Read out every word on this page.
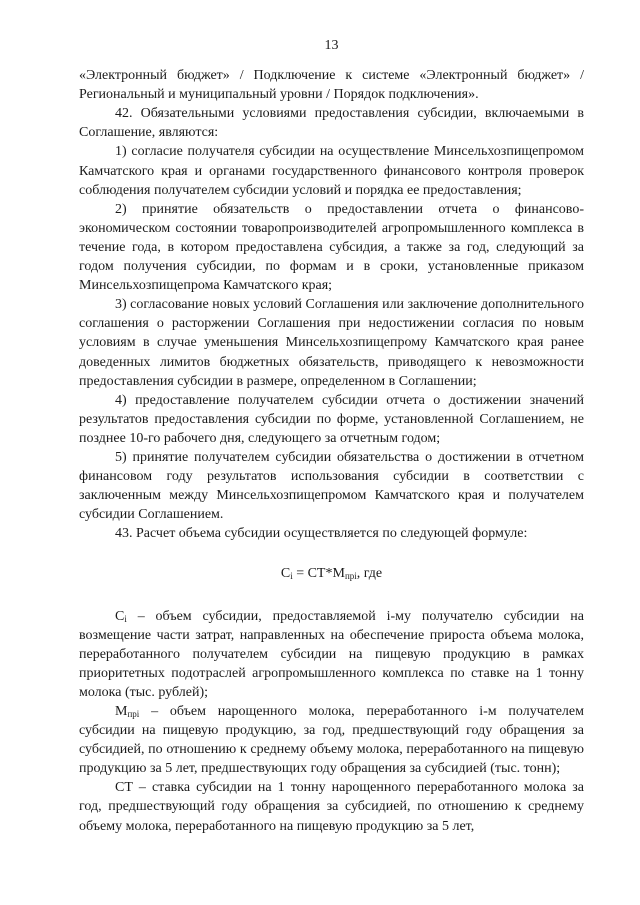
13

«Электронный бюджет» / Подключение к системе «Электронный бюджет» / Региональный и муниципальный уровни / Порядок подключения».

42. Обязательными условиями предоставления субсидии, включаемыми в Соглашение, являются:

1) согласие получателя субсидии на осуществление Минсельхозпищепромом Камчатского края и органами государственного финансового контроля проверок соблюдения получателем субсидии условий и порядка ее предоставления;

2) принятие обязательств о предоставлении отчета о финансово-экономическом состоянии товаропроизводителей агропромышленного комплекса в течение года, в котором предоставлена субсидия, а также за год, следующий за годом получения субсидии, по формам и в сроки, установленные приказом Минсельхозпищепрома Камчатского края;

3) согласование новых условий Соглашения или заключение дополнительного соглашения о расторжении Соглашения при недостижении согласия по новым условиям в случае уменьшения Минсельхозпищепрому Камчатского края ранее доведенных лимитов бюджетных обязательств, приводящего к невозможности предоставления субсидии в размере, определенном в Соглашении;

4) предоставление получателем субсидии отчета о достижении значений результатов предоставления субсидии по форме, установленной Соглашением, не позднее 10-го рабочего дня, следующего за отчетным годом;

5) принятие получателем субсидии обязательства о достижении в отчетном финансовом году результатов использования субсидии в соответствии с заключенным между Минсельхозпищепромом Камчатского края и получателем субсидии Соглашением.

43. Расчет объема субсидии осуществляется по следующей формуле:

$C_i = СТ*М_{прi}$, где

$C_i$ – объем субсидии, предоставляемой i-му получателю субсидии на возмещение части затрат, направленных на обеспечение прироста объема молока, переработанного получателем субсидии на пищевую продукцию в рамках приоритетных подотраслей агропромышленного комплекса по ставке на 1 тонну молока (тыс. рублей);

$М_{прi}$ – объем нарощенного молока, переработанного i-м получателем субсидии на пищевую продукцию, за год, предшествующий году обращения за субсидией, по отношению к среднему объему молока, переработанного на пищевую продукцию за 5 лет, предшествующих году обращения за субсидией (тыс. тонн);

СТ – ставка субсидии на 1 тонну нарощенного переработанного молока за год, предшествующий году обращения за субсидией, по отношению к среднему объему молока, переработанного на пищевую продукцию за 5 лет,
